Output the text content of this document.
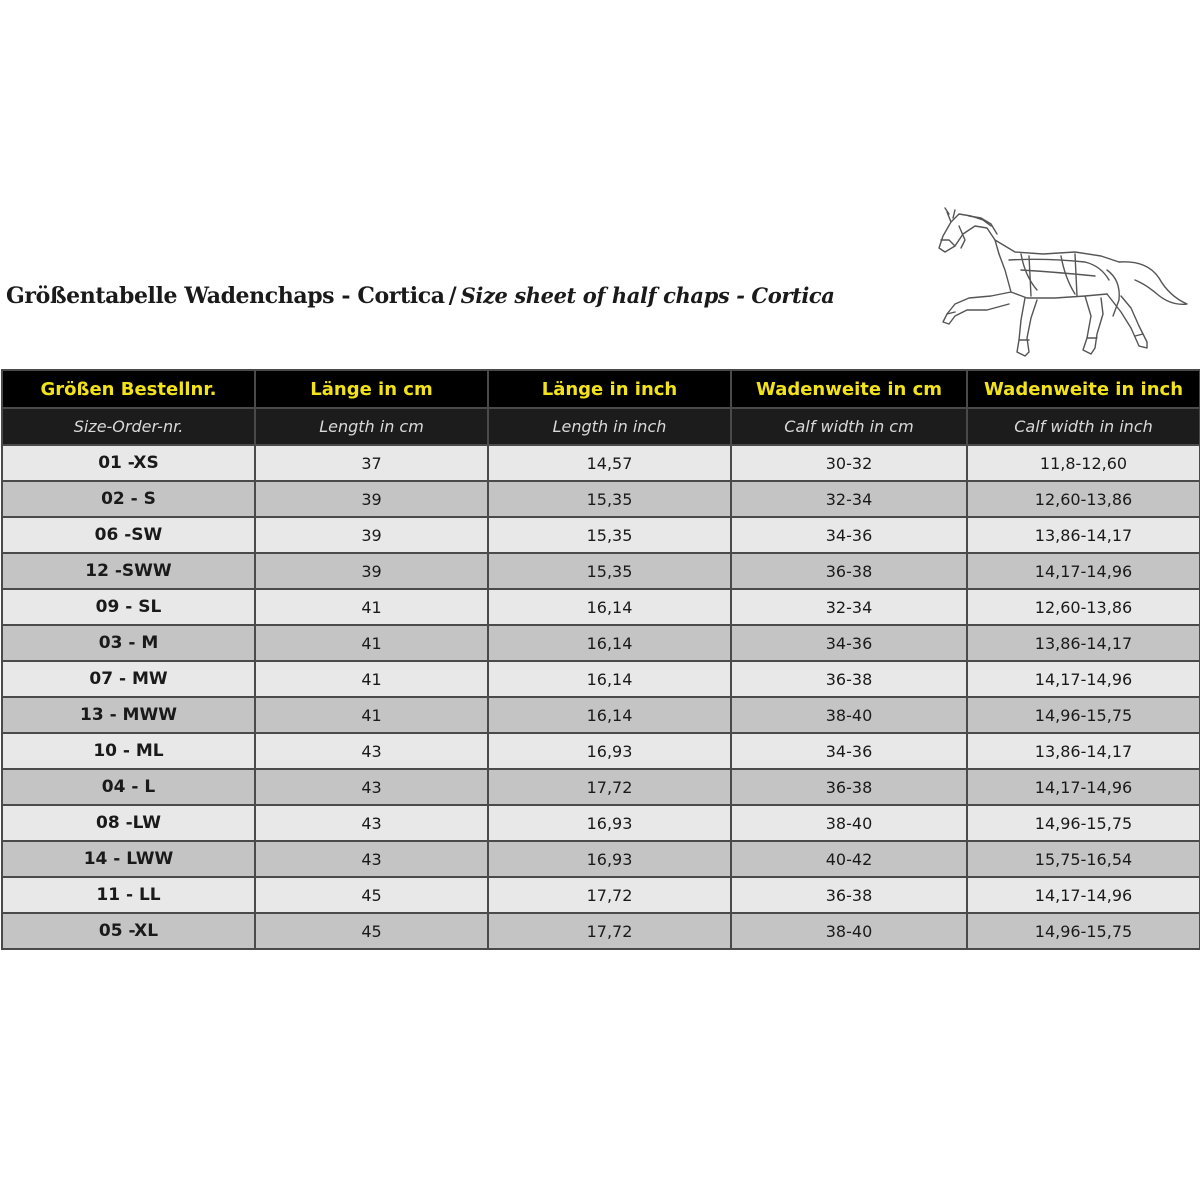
Größentabelle Wadenchaps - Cortica / Size sheet of half chaps - Cortica
Größen Bestellnr.	Länge in cm	Länge in inch	Wadenweite in cm	Wadenweite in inch
Size-Order-nr.	Length in cm	Length in inch	Calf width in cm	Calf width in inch
01 -XS	37	14,57	30-32	11,8-12,60
02 - S	39	15,35	32-34	12,60-13,86
06 -SW	39	15,35	34-36	13,86-14,17
12 -SWW	39	15,35	36-38	14,17-14,96
09 - SL	41	16,14	32-34	12,60-13,86
03 - M	41	16,14	34-36	13,86-14,17
07 - MW	41	16,14	36-38	14,17-14,96
13 - MWW	41	16,14	38-40	14,96-15,75
10 - ML	43	16,93	34-36	13,86-14,17
04 - L	43	17,72	36-38	14,17-14,96
08 -LW	43	16,93	38-40	14,96-15,75
14 - LWW	43	16,93	40-42	15,75-16,54
11 - LL	45	17,72	36-38	14,17-14,96
05 -XL	45	17,72	38-40	14,96-15,75
